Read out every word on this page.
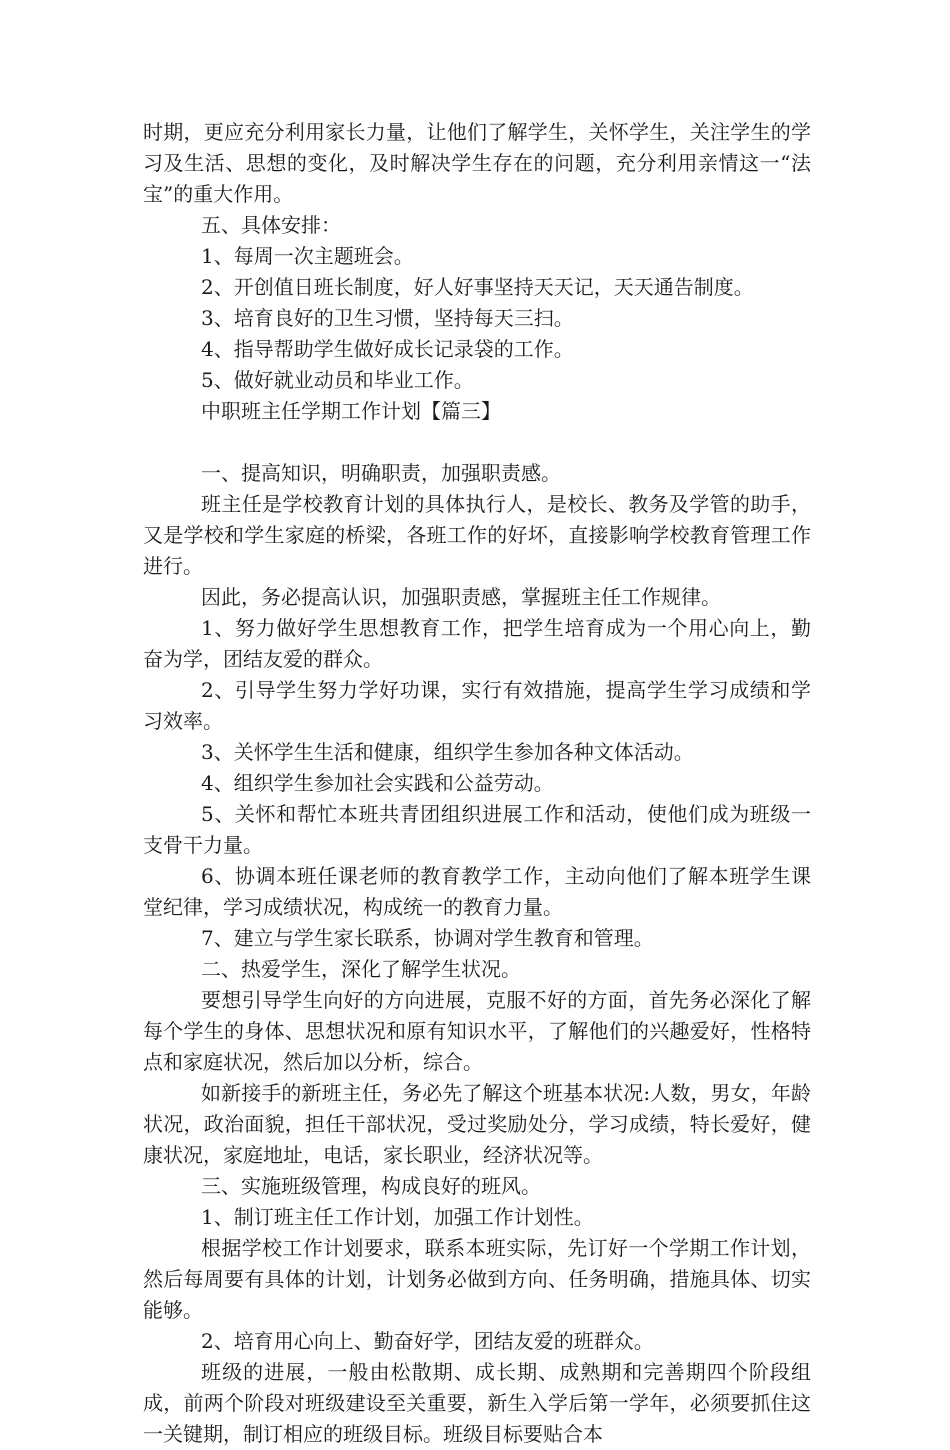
时期，更应充分利用家长力量，让他们了解学生，关怀学生，关注学生的学习及生活、思想的变化，及时解决学生存在的问题，充分利用亲情这一“法宝”的重大作用。

五、具体安排：

1、每周一次主题班会。

2、开创值日班长制度，好人好事坚持天天记，天天通告制度。

3、培育良好的卫生习惯，坚持每天三扫。

4、指导帮助学生做好成长记录袋的工作。

5、做好就业动员和毕业工作。

中职班主任学期工作计划【篇三】

一、提高知识，明确职责，加强职责感。

班主任是学校教育计划的具体执行人，是校长、教务及学管的助手，又是学校和学生家庭的桥梁，各班工作的好坏，直接影响学校教育管理工作进行。

因此，务必提高认识，加强职责感，掌握班主任工作规律。

1、努力做好学生思想教育工作，把学生培育成为一个用心向上，勤奋为学，团结友爱的群众。

2、引导学生努力学好功课，实行有效措施，提高学生学习成绩和学习效率。

3、关怀学生生活和健康，组织学生参加各种文体活动。

4、组织学生参加社会实践和公益劳动。

5、关怀和帮忙本班共青团组织进展工作和活动，使他们成为班级一支骨干力量。

6、协调本班任课老师的教育教学工作，主动向他们了解本班学生课堂纪律，学习成绩状况，构成统一的教育力量。

7、建立与学生家长联系，协调对学生教育和管理。

二、热爱学生，深化了解学生状况。

要想引导学生向好的方向进展，克服不好的方面，首先务必深化了解每个学生的身体、思想状况和原有知识水平，了解他们的兴趣爱好，性格特点和家庭状况，然后加以分析，综合。

如新接手的新班主任，务必先了解这个班基本状况:人数，男女，年龄状况，政治面貌，担任干部状况，受过奖励处分，学习成绩，特长爱好，健康状况，家庭地址，电话，家长职业，经济状况等。

三、实施班级管理，构成良好的班风。

1、制订班主任工作计划，加强工作计划性。

根据学校工作计划要求，联系本班实际，先订好一个学期工作计划，然后每周要有具体的计划，计划务必做到方向、任务明确，措施具体、切实能够。

2、培育用心向上、勤奋好学，团结友爱的班群众。

班级的进展，一般由松散期、成长期、成熟期和完善期四个阶段组成，前两个阶段对班级建设至关重要，新生入学后第一学年，必须要抓住这一关键期，制订相应的班级目标。班级目标要贴合本
